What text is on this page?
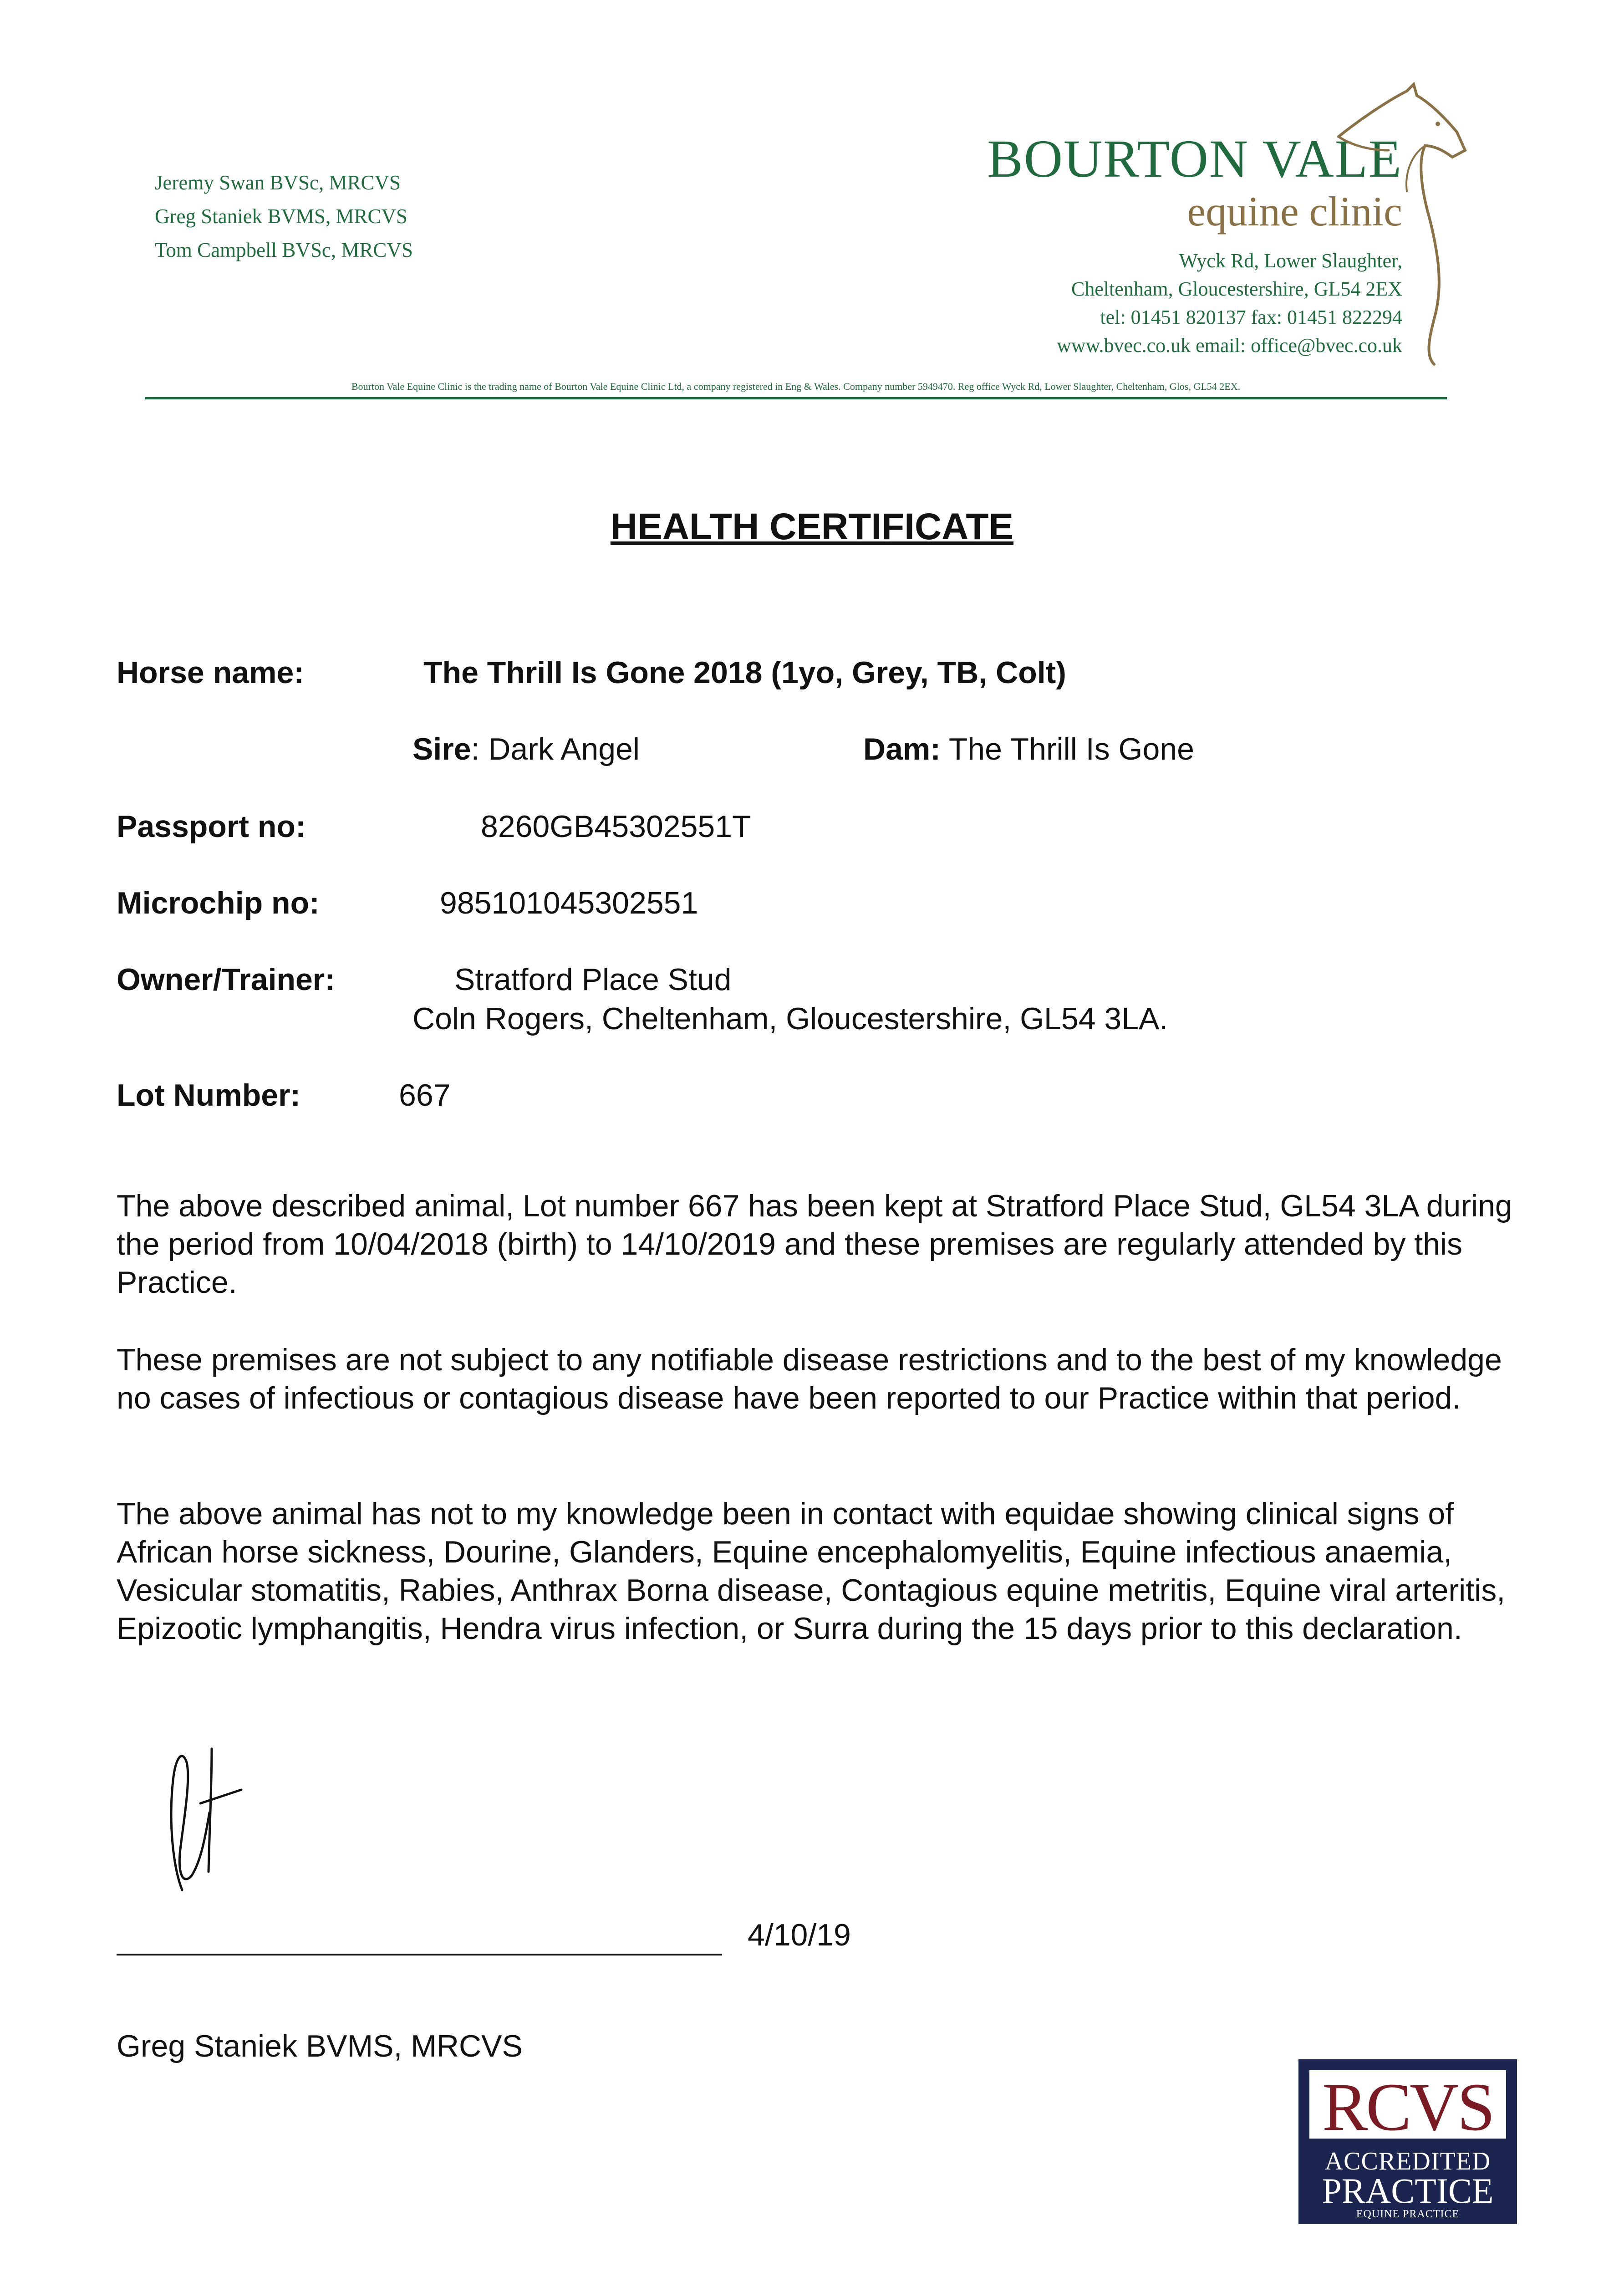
Jeremy Swan BVSc, MRCVS
Greg Staniek BVMS, MRCVS
Tom Campbell BVSc, MRCVS
BOURTON VALE
equine clinic
Wyck Rd, Lower Slaughter,
Cheltenham, Gloucestershire, GL54 2EX
tel: 01451 820137 fax: 01451 822294
www.bvec.co.uk email: office@bvec.co.uk
Bourton Vale Equine Clinic is the trading name of Bourton Vale Equine Clinic Ltd, a company registered in Eng & Wales. Company number 5949470. Reg office Wyck Rd, Lower Slaughter, Cheltenham, Glos, GL54 2EX.
HEALTH CERTIFICATE
Horse name:	The Thrill Is Gone 2018 (1yo, Grey, TB, Colt)
Sire: Dark Angel	Dam: The Thrill Is Gone
Passport no:	8260GB45302551T
Microchip no:	985101045302551
Owner/Trainer:	Stratford Place Stud
Coln Rogers, Cheltenham, Gloucestershire, GL54 3LA.
Lot Number:	667
The above described animal, Lot number 667 has been kept at Stratford Place Stud, GL54 3LA during the period from 10/04/2018 (birth) to 14/10/2019 and these premises are regularly attended by this Practice.
These premises are not subject to any notifiable disease restrictions and to the best of my knowledge no cases of infectious or contagious disease have been reported to our Practice within that period.
The above animal has not to my knowledge been in contact with equidae showing clinical signs of African horse sickness, Dourine, Glanders, Equine encephalomyelitis, Equine infectious anaemia, Vesicular stomatitis, Rabies, Anthrax Borna disease, Contagious equine metritis, Equine viral arteritis, Epizootic lymphangitis, Hendra virus infection, or Surra during the 15 days prior to this declaration.
4/10/19
Greg Staniek BVMS, MRCVS
RCVS
ACCREDITED
PRACTICE
EQUINE PRACTICE
